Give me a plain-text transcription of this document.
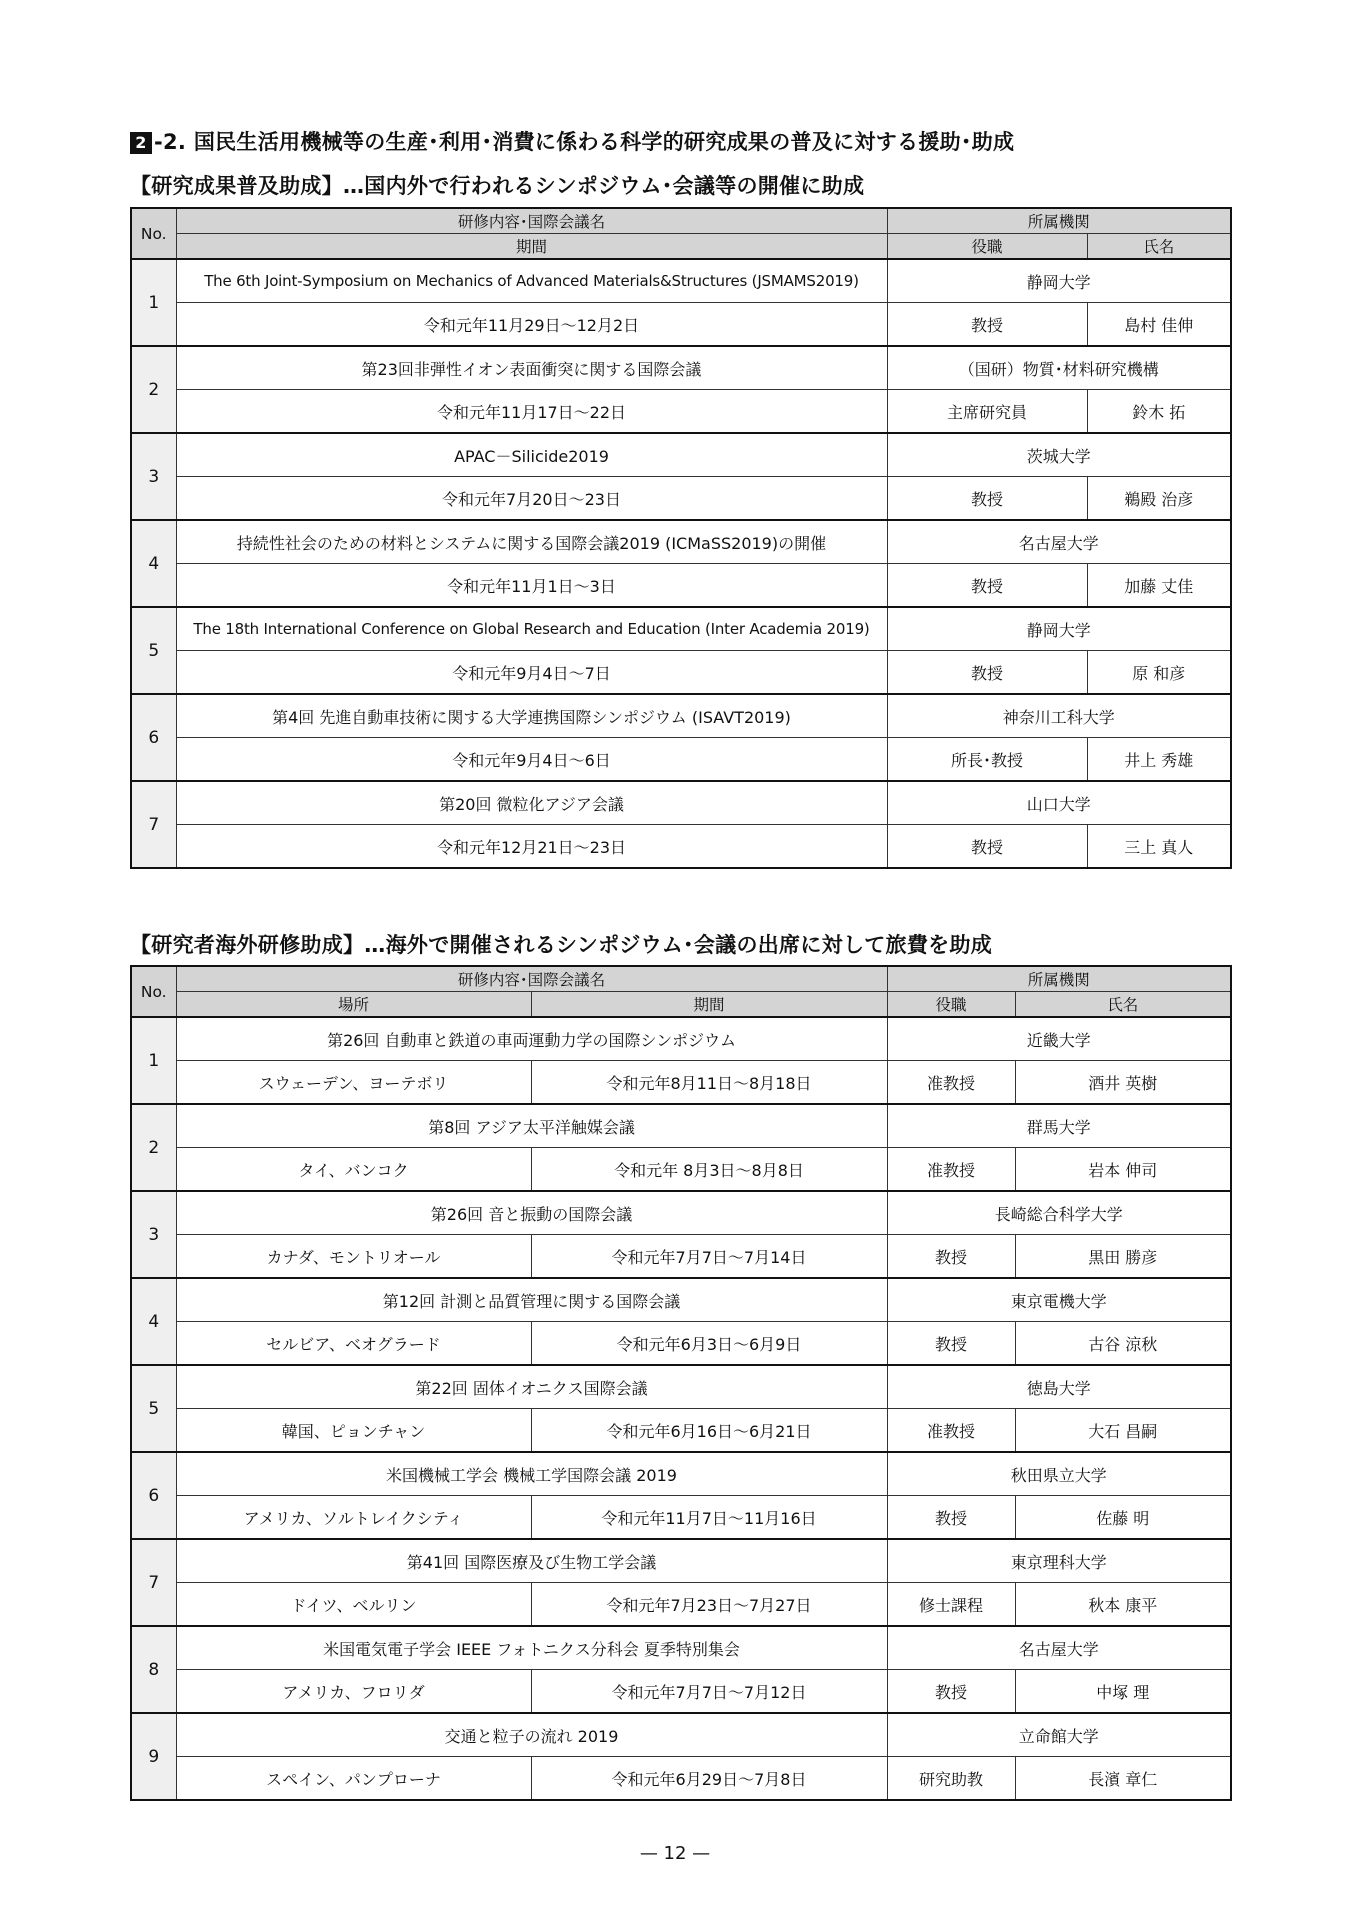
2 -2. 国民生活用機械等の生産･利用･消費に係わる科学的研究成果の普及に対する援助･助成
【研究成果普及助成】…国内外で行われるシンポジウム･会議等の開催に助成
No.	研修内容･国際会議名	所属機関	
	期間	役職	氏名
1	The 6th Joint-Symposium on Mechanics of Advanced Materials&Structures (JSMAMS2019)	静岡大学	
	令和元年11月29日～12月2日	教授	島村 佳伸
2	第23回非弾性イオン表面衝突に関する国際会議	（国研）物質･材料研究機構	
	令和元年11月17日～22日	主席研究員	鈴木 拓
3	APAC－Silicide2019	茨城大学	
	令和元年7月20日～23日	教授	鵜殿 治彦
4	持続性社会のための材料とシステムに関する国際会議2019 (ICMaSS2019)の開催	名古屋大学	
	令和元年11月1日～3日	教授	加藤 丈佳
5	The 18th International Conference on Global Research and Education (Inter Academia 2019)	静岡大学	
	令和元年9月4日～7日	教授	原 和彦
6	第4回 先進自動車技術に関する大学連携国際シンポジウム (ISAVT2019)	神奈川工科大学	
	令和元年9月4日～6日	所長･教授	井上 秀雄
7	第20回 微粒化アジア会議	山口大学	
	令和元年12月21日～23日	教授	三上 真人
【研究者海外研修助成】…海外で開催されるシンポジウム･会議の出席に対して旅費を助成
No.	研修内容･国際会議名		所属機関	
	場所	期間	役職	氏名
1	第26回 自動車と鉄道の車両運動力学の国際シンポジウム		近畿大学	
	スウェーデン、ヨーテボリ	令和元年8月11日～8月18日	准教授	酒井 英樹
2	第8回 アジア太平洋触媒会議		群馬大学	
	タイ、バンコク	令和元年 8月3日～8月8日	准教授	岩本 伸司
3	第26回 音と振動の国際会議		長崎総合科学大学	
	カナダ、モントリオール	令和元年7月7日～7月14日	教授	黒田 勝彦
4	第12回 計測と品質管理に関する国際会議		東京電機大学	
	セルビア、ベオグラード	令和元年6月3日～6月9日	教授	古谷 涼秋
5	第22回 固体イオニクス国際会議		徳島大学	
	韓国、ピョンチャン	令和元年6月16日～6月21日	准教授	大石 昌嗣
6	米国機械工学会 機械工学国際会議 2019		秋田県立大学	
	アメリカ、ソルトレイクシティ	令和元年11月7日～11月16日	教授	佐藤 明
7	第41回 国際医療及び生物工学会議		東京理科大学	
	ドイツ、ベルリン	令和元年7月23日～7月27日	修士課程	秋本 康平
8	米国電気電子学会 IEEE フォトニクス分科会 夏季特別集会		名古屋大学	
	アメリカ、フロリダ	令和元年7月7日～7月12日	教授	中塚 理
9	交通と粒子の流れ 2019		立命館大学	
	スペイン、パンプローナ	令和元年6月29日～7月8日	研究助教	長濱 章仁
— 12 —
